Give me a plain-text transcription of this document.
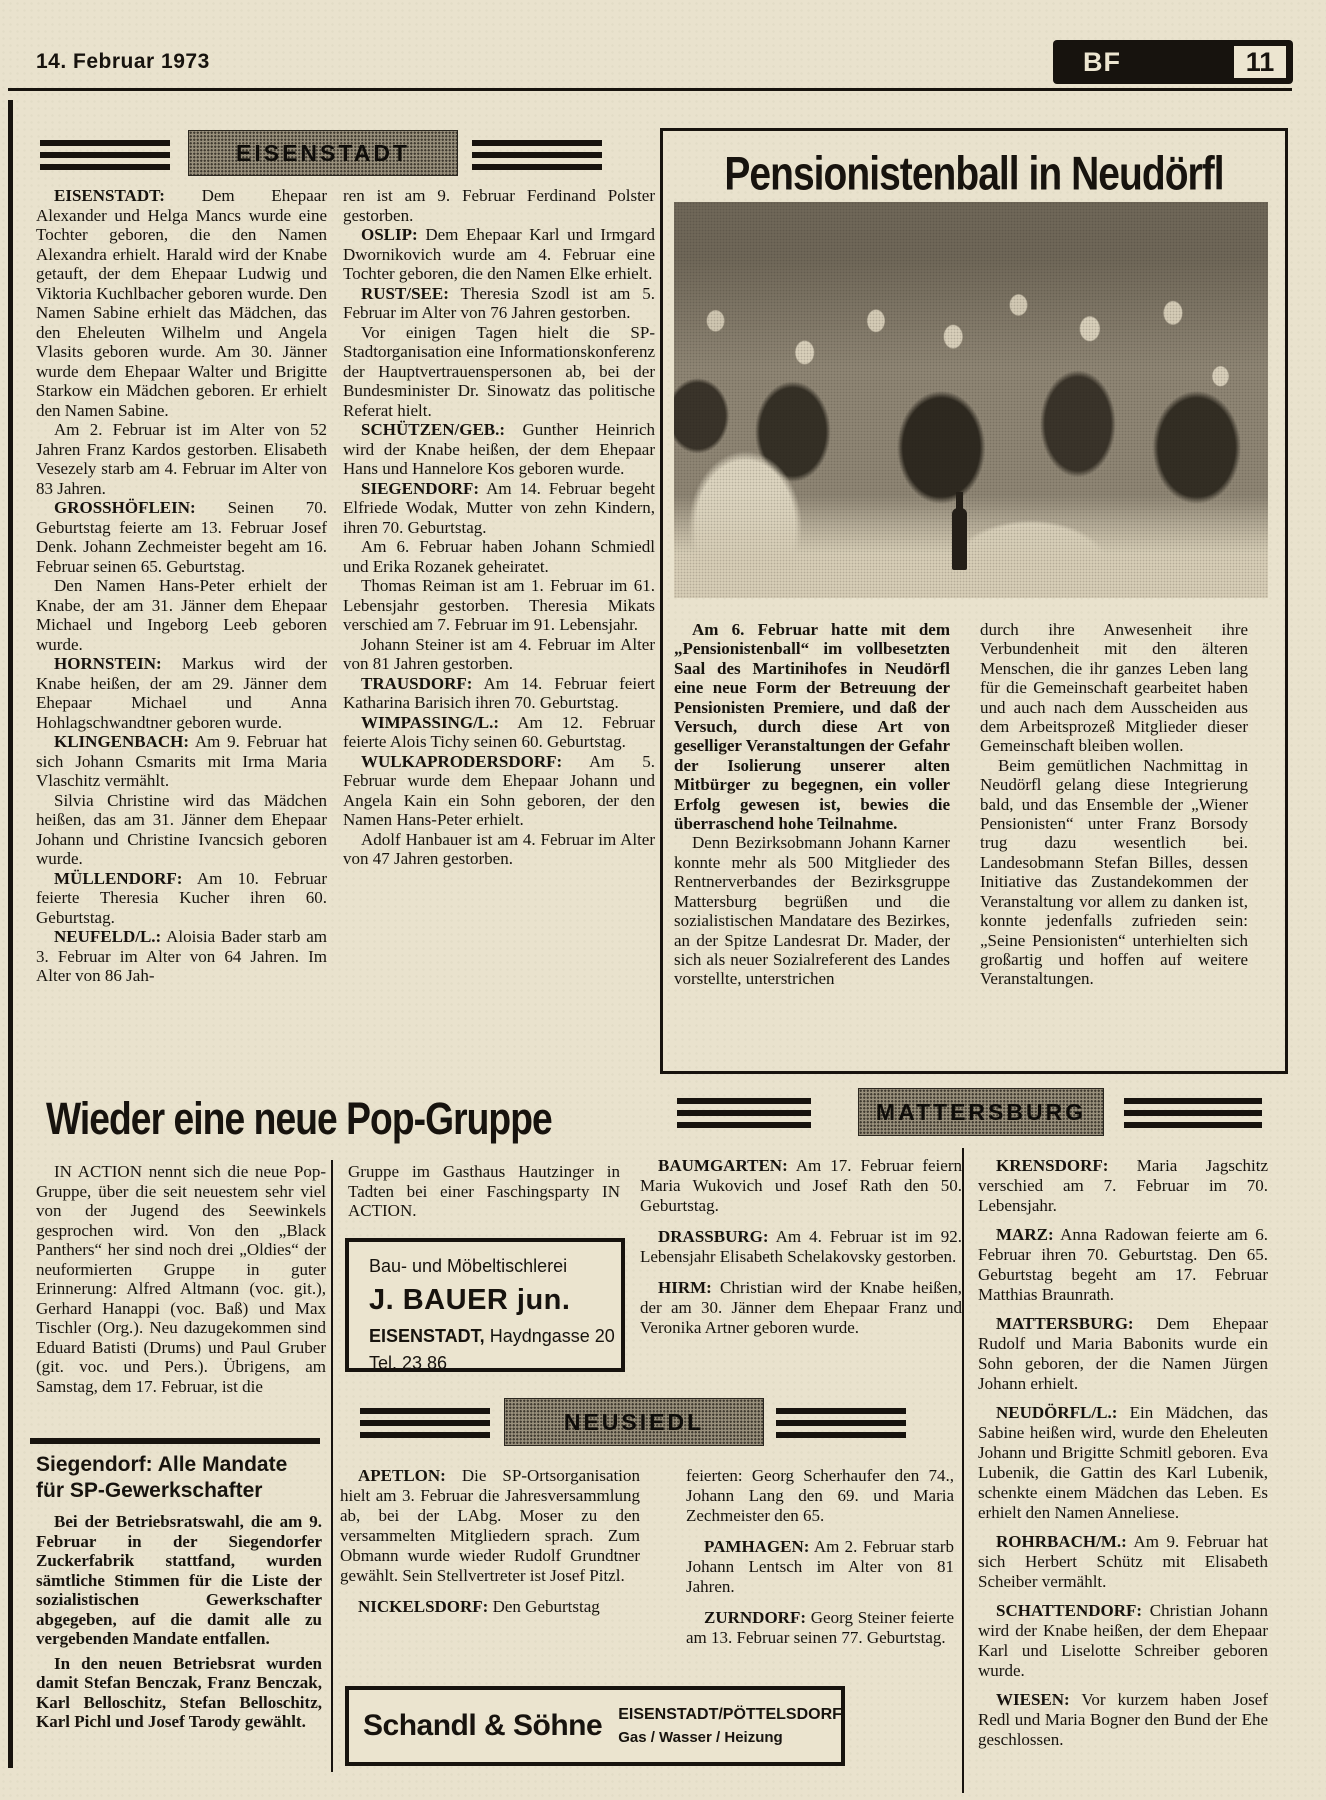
14. Februar 1973	BF	11
EISENSTADT

EISENSTADT: Dem Ehepaar Alexander und Helga Mancs wurde eine Tochter geboren, die den Namen Alexandra erhielt. Harald wird der Knabe getauft, der dem Ehepaar Ludwig und Viktoria Kuchlbacher geboren wurde. Den Namen Sabine erhielt das Mädchen, das den Eheleuten Wilhelm und Angela Vlasits geboren wurde. Am 30. Jänner wurde dem Ehepaar Walter und Brigitte Starkow ein Mädchen geboren. Er erhielt den Namen Sabine.

Am 2. Februar ist im Alter von 52 Jahren Franz Kardos gestorben. Elisabeth Vesezely starb am 4. Februar im Alter von 83 Jahren.

GROSSHÖFLEIN: Seinen 70. Geburtstag feierte am 13. Februar Josef Denk. Johann Zechmeister begeht am 16. Februar seinen 65. Geburtstag.

Den Namen Hans-Peter erhielt der Knabe, der am 31. Jänner dem Ehepaar Michael und Ingeborg Leeb geboren wurde.

HORNSTEIN: Markus wird der Knabe heißen, der am 29. Jänner dem Ehepaar Michael und Anna Hohlagschwandtner geboren wurde.

KLINGENBACH: Am 9. Februar hat sich Johann Csmarits mit Irma Maria Vlaschitz vermählt.

Silvia Christine wird das Mädchen heißen, das am 31. Jänner dem Ehepaar Johann und Christine Ivancsich geboren wurde.

MÜLLENDORF: Am 10. Februar feierte Theresia Kucher ihren 60. Geburtstag.

NEUFELD/L.: Aloisia Bader starb am 3. Februar im Alter von 64 Jahren. Im Alter von 86 Jah-

ren ist am 9. Februar Ferdinand Polster gestorben.

OSLIP: Dem Ehepaar Karl und Irmgard Dwornikovich wurde am 4. Februar eine Tochter geboren, die den Namen Elke erhielt.

RUST/SEE: Theresia Szodl ist am 5. Februar im Alter von 76 Jahren gestorben.

Vor einigen Tagen hielt die SP-Stadtorganisation eine Informationskonferenz der Hauptvertrauenspersonen ab, bei der Bundesminister Dr. Sinowatz das politische Referat hielt.

SCHÜTZEN/GEB.: Gunther Heinrich wird der Knabe heißen, der dem Ehepaar Hans und Hannelore Kos geboren wurde.

SIEGENDORF: Am 14. Februar begeht Elfriede Wodak, Mutter von zehn Kindern, ihren 70. Geburtstag.

Am 6. Februar haben Johann Schmiedl und Erika Rozanek geheiratet.

Thomas Reiman ist am 1. Februar im 61. Lebensjahr gestorben. Theresia Mikats verschied am 7. Februar im 91. Lebensjahr.

Johann Steiner ist am 4. Februar im Alter von 81 Jahren gestorben.

TRAUSDORF: Am 14. Februar feiert Katharina Barisich ihren 70. Geburtstag.

WIMPASSING/L.: Am 12. Februar feierte Alois Tichy seinen 60. Geburtstag.

WULKAPRODERSDORF: Am 5. Februar wurde dem Ehepaar Johann und Angela Kain ein Sohn geboren, der den Namen Hans-Peter erhielt.

Adolf Hanbauer ist am 4. Februar im Alter von 47 Jahren gestorben.

Pensionistenball in Neudörfl

Am 6. Februar hatte mit dem „Pensionistenball“ im vollbesetzten Saal des Martinihofes in Neudörfl eine neue Form der Betreuung der Pensionisten Premiere, und daß der Versuch, durch diese Art von geselliger Veranstaltungen der Gefahr der Isolierung unserer alten Mitbürger zu begegnen, ein voller Erfolg gewesen ist, bewies die überraschend hohe Teilnahme.

Denn Bezirksobmann Johann Karner konnte mehr als 500 Mitglieder des Rentnerverbandes der Bezirksgruppe Mattersburg begrüßen und die sozialistischen Mandatare des Bezirkes, an der Spitze Landesrat Dr. Mader, der sich als neuer Sozialreferent des Landes vorstellte, unterstrichen

durch ihre Anwesenheit ihre Verbundenheit mit den älteren Menschen, die ihr ganzes Leben lang für die Gemeinschaft gearbeitet haben und auch nach dem Ausscheiden aus dem Arbeitsprozeß Mitglieder dieser Gemeinschaft bleiben wollen.

Beim gemütlichen Nachmittag in Neudörfl gelang diese Integrierung bald, und das Ensemble der „Wiener Pensionisten“ unter Franz Borsody trug dazu wesentlich bei. Landesobmann Stefan Billes, dessen Initiative das Zustandekommen der Veranstaltung vor allem zu danken ist, konnte jedenfalls zufrieden sein: „Seine Pensionisten“ unterhielten sich großartig und hoffen auf weitere Veranstaltungen.

Wieder eine neue Pop-Gruppe

IN ACTION nennt sich die neue Pop-Gruppe, über die seit neuestem sehr viel von der Jugend des Seewinkels gesprochen wird. Von den „Black Panthers“ her sind noch drei „Oldies“ der neuformierten Gruppe in guter Erinnerung: Alfred Altmann (voc. git.), Gerhard Hanappi (voc. Baß) und Max Tischler (Org.). Neu dazugekommen sind Eduard Batisti (Drums) und Paul Gruber (git. voc. und Pers.). Übrigens, am Samstag, dem 17. Februar, ist die

Gruppe im Gasthaus Hautzinger in Tadten bei einer Faschingsparty IN ACTION.

Bau- und Möbeltischlerei
J. BAUER jun.
EISENSTADT, Haydngasse 20
Tel. 23 86
Siegendorf: Alle Mandate
für SP-Gewerkschafter

Bei der Betriebsratswahl, die am 9. Februar in der Siegendorfer Zuckerfabrik stattfand, wurden sämtliche Stimmen für die Liste der sozialistischen Gewerkschafter abgegeben, auf die damit alle zu vergebenden Mandate entfallen.

In den neuen Betriebsrat wurden damit Stefan Benczak, Franz Benczak, Karl Belloschitz, Stefan Belloschitz, Karl Pichl und Josef Tarody gewählt.

MATTERSBURG

BAUMGARTEN: Am 17. Februar feiern Maria Wukovich und Josef Rath den 50. Geburtstag.

DRASSBURG: Am 4. Februar ist im 92. Lebensjahr Elisabeth Schelakovsky gestorben.

HIRM: Christian wird der Knabe heißen, der am 30. Jänner dem Ehepaar Franz und Veronika Artner geboren wurde.

KRENSDORF: Maria Jagschitz verschied am 7. Februar im 70. Lebensjahr.

MARZ: Anna Radowan feierte am 6. Februar ihren 70. Geburtstag. Den 65. Geburtstag begeht am 17. Februar Matthias Braunrath.

MATTERSBURG: Dem Ehepaar Rudolf und Maria Babonits wurde ein Sohn geboren, der die Namen Jürgen Johann erhielt.

NEUDÖRFL/L.: Ein Mädchen, das Sabine heißen wird, wurde den Eheleuten Johann und Brigitte Schmitl geboren. Eva Lubenik, die Gattin des Karl Lubenik, schenkte einem Mädchen das Leben. Es erhielt den Namen Anneliese.

ROHRBACH/M.: Am 9. Februar hat sich Herbert Schütz mit Elisabeth Scheiber vermählt.

SCHATTENDORF: Christian Johann wird der Knabe heißen, der dem Ehepaar Karl und Liselotte Schreiber geboren wurde.

WIESEN: Vor kurzem haben Josef Redl und Maria Bogner den Bund der Ehe geschlossen.

NEUSIEDL

APETLON: Die SP-Ortsorganisation hielt am 3. Februar die Jahresversammlung ab, bei der LAbg. Moser zu den versammelten Mitgliedern sprach. Zum Obmann wurde wieder Rudolf Grundtner gewählt. Sein Stellvertreter ist Josef Pitzl.

NICKELSDORF: Den Geburtstag

feierten: Georg Scherhaufer den 74., Johann Lang den 69. und Maria Zechmeister den 65.

PAMHAGEN: Am 2. Februar starb Johann Lentsch im Alter von 81 Jahren.

ZURNDORF: Georg Steiner feierte am 13. Februar seinen 77. Geburtstag.

Schandl & Söhne EISENSTADT/PÖTTELSDORF
Gas / Wasser / Heizung
